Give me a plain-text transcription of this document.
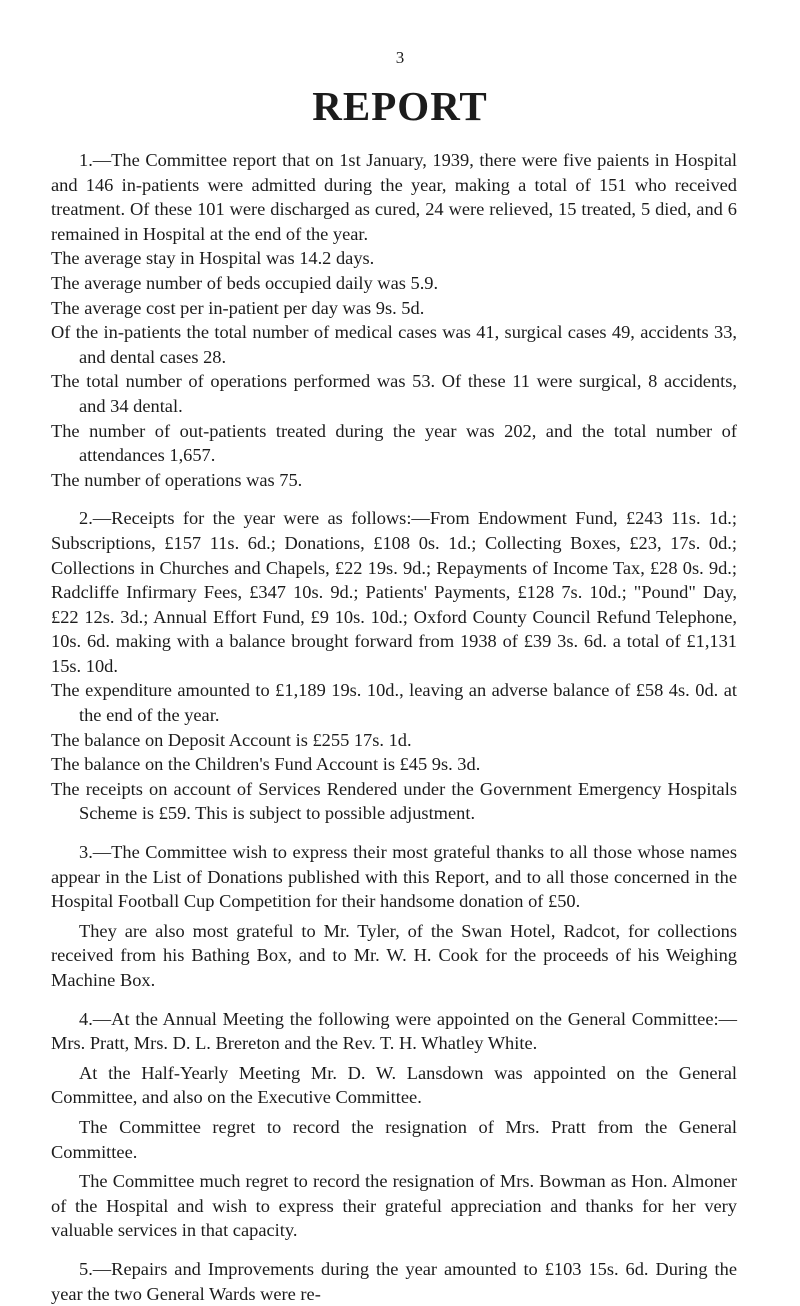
3
REPORT

1.—The Committee report that on 1st January, 1939, there were five paients in Hospital and 146 in-patients were admitted during the year, making a total of 151 who received treatment. Of these 101 were discharged as cured, 24 were relieved, 15 treated, 5 died, and 6 remained in Hospital at the end of the year.

The average stay in Hospital was 14.2 days.

The average number of beds occupied daily was 5.9.

The average cost per in-patient per day was 9s. 5d.

Of the in-patients the total number of medical cases was 41, surgical cases 49, accidents 33, and dental cases 28.

The total number of operations performed was 53. Of these 11 were surgical, 8 accidents, and 34 dental.

The number of out-patients treated during the year was 202, and the total number of attendances 1,657.

The number of operations was 75.

2.—Receipts for the year were as follows:—From Endowment Fund, £243 11s. 1d.; Subscriptions, £157 11s. 6d.; Donations, £108 0s. 1d.; Collecting Boxes, £23, 17s. 0d.; Collections in Churches and Chapels, £22 19s. 9d.; Repayments of Income Tax, £28 0s. 9d.; Radcliffe Infirmary Fees, £347 10s. 9d.; Patients' Payments, £128 7s. 10d.; "Pound" Day, £22 12s. 3d.; Annual Effort Fund, £9 10s. 10d.; Oxford County Council Refund Telephone, 10s. 6d. making with a balance brought forward from 1938 of £39 3s. 6d. a total of £1,131 15s. 10d.

The expenditure amounted to £1,189 19s. 10d., leaving an adverse balance of £58 4s. 0d. at the end of the year.

The balance on Deposit Account is £255 17s. 1d.

The balance on the Children's Fund Account is £45 9s. 3d.

The receipts on account of Services Rendered under the Government Emergency Hospitals Scheme is £59. This is subject to possible adjustment.

3.—The Committee wish to express their most grateful thanks to all those whose names appear in the List of Donations published with this Report, and to all those concerned in the Hospital Football Cup Competition for their handsome donation of £50.

They are also most grateful to Mr. Tyler, of the Swan Hotel, Radcot, for collections received from his Bathing Box, and to Mr. W. H. Cook for the proceeds of his Weighing Machine Box.

4.—At the Annual Meeting the following were appointed on the General Committee:—Mrs. Pratt, Mrs. D. L. Brereton and the Rev. T. H. Whatley White.

At the Half-Yearly Meeting Mr. D. W. Lansdown was appointed on the General Committee, and also on the Executive Committee.

The Committee regret to record the resignation of Mrs. Pratt from the General Committee.

The Committee much regret to record the resignation of Mrs. Bowman as Hon. Almoner of the Hospital and wish to express their grateful appreciation and thanks for her very valuable services in that capacity.

5.—Repairs and Improvements during the year amounted to £103 15s. 6d. During the year the two General Wards were re-
